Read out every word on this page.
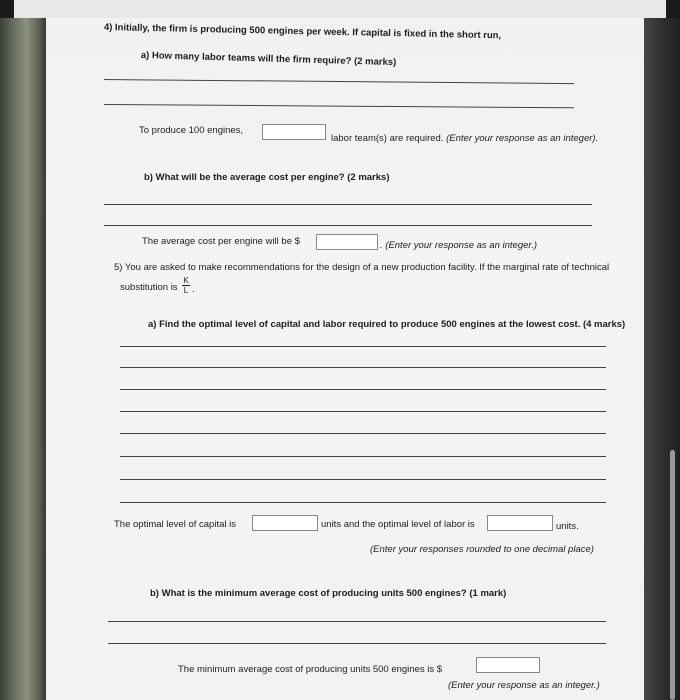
4) Initially, the firm is producing 500 engines per week. If capital is fixed in the short run,
a) How many labor teams will the firm require? (2 marks)
To produce 100 engines,
labor team(s) are required. (Enter your response as an integer).
b) What will be the average cost per engine? (2 marks)
The average cost per engine will be $	. (Enter your response as an integer.)
5) You are asked to make recommendations for the design of a new production facility. If the marginal rate of technical
substitution is
K
L .
a) Find the optimal level of capital and labor required to produce 500 engines at the lowest cost. (4 marks)
The optimal level of capital is	units and the optimal level of labor is	units.
(Enter your responses rounded to one decimal place)
b) What is the minimum average cost of producing units 500 engines? (1 mark)
The minimum average cost of producing units 500 engines is $
(Enter your response as an integer.)
